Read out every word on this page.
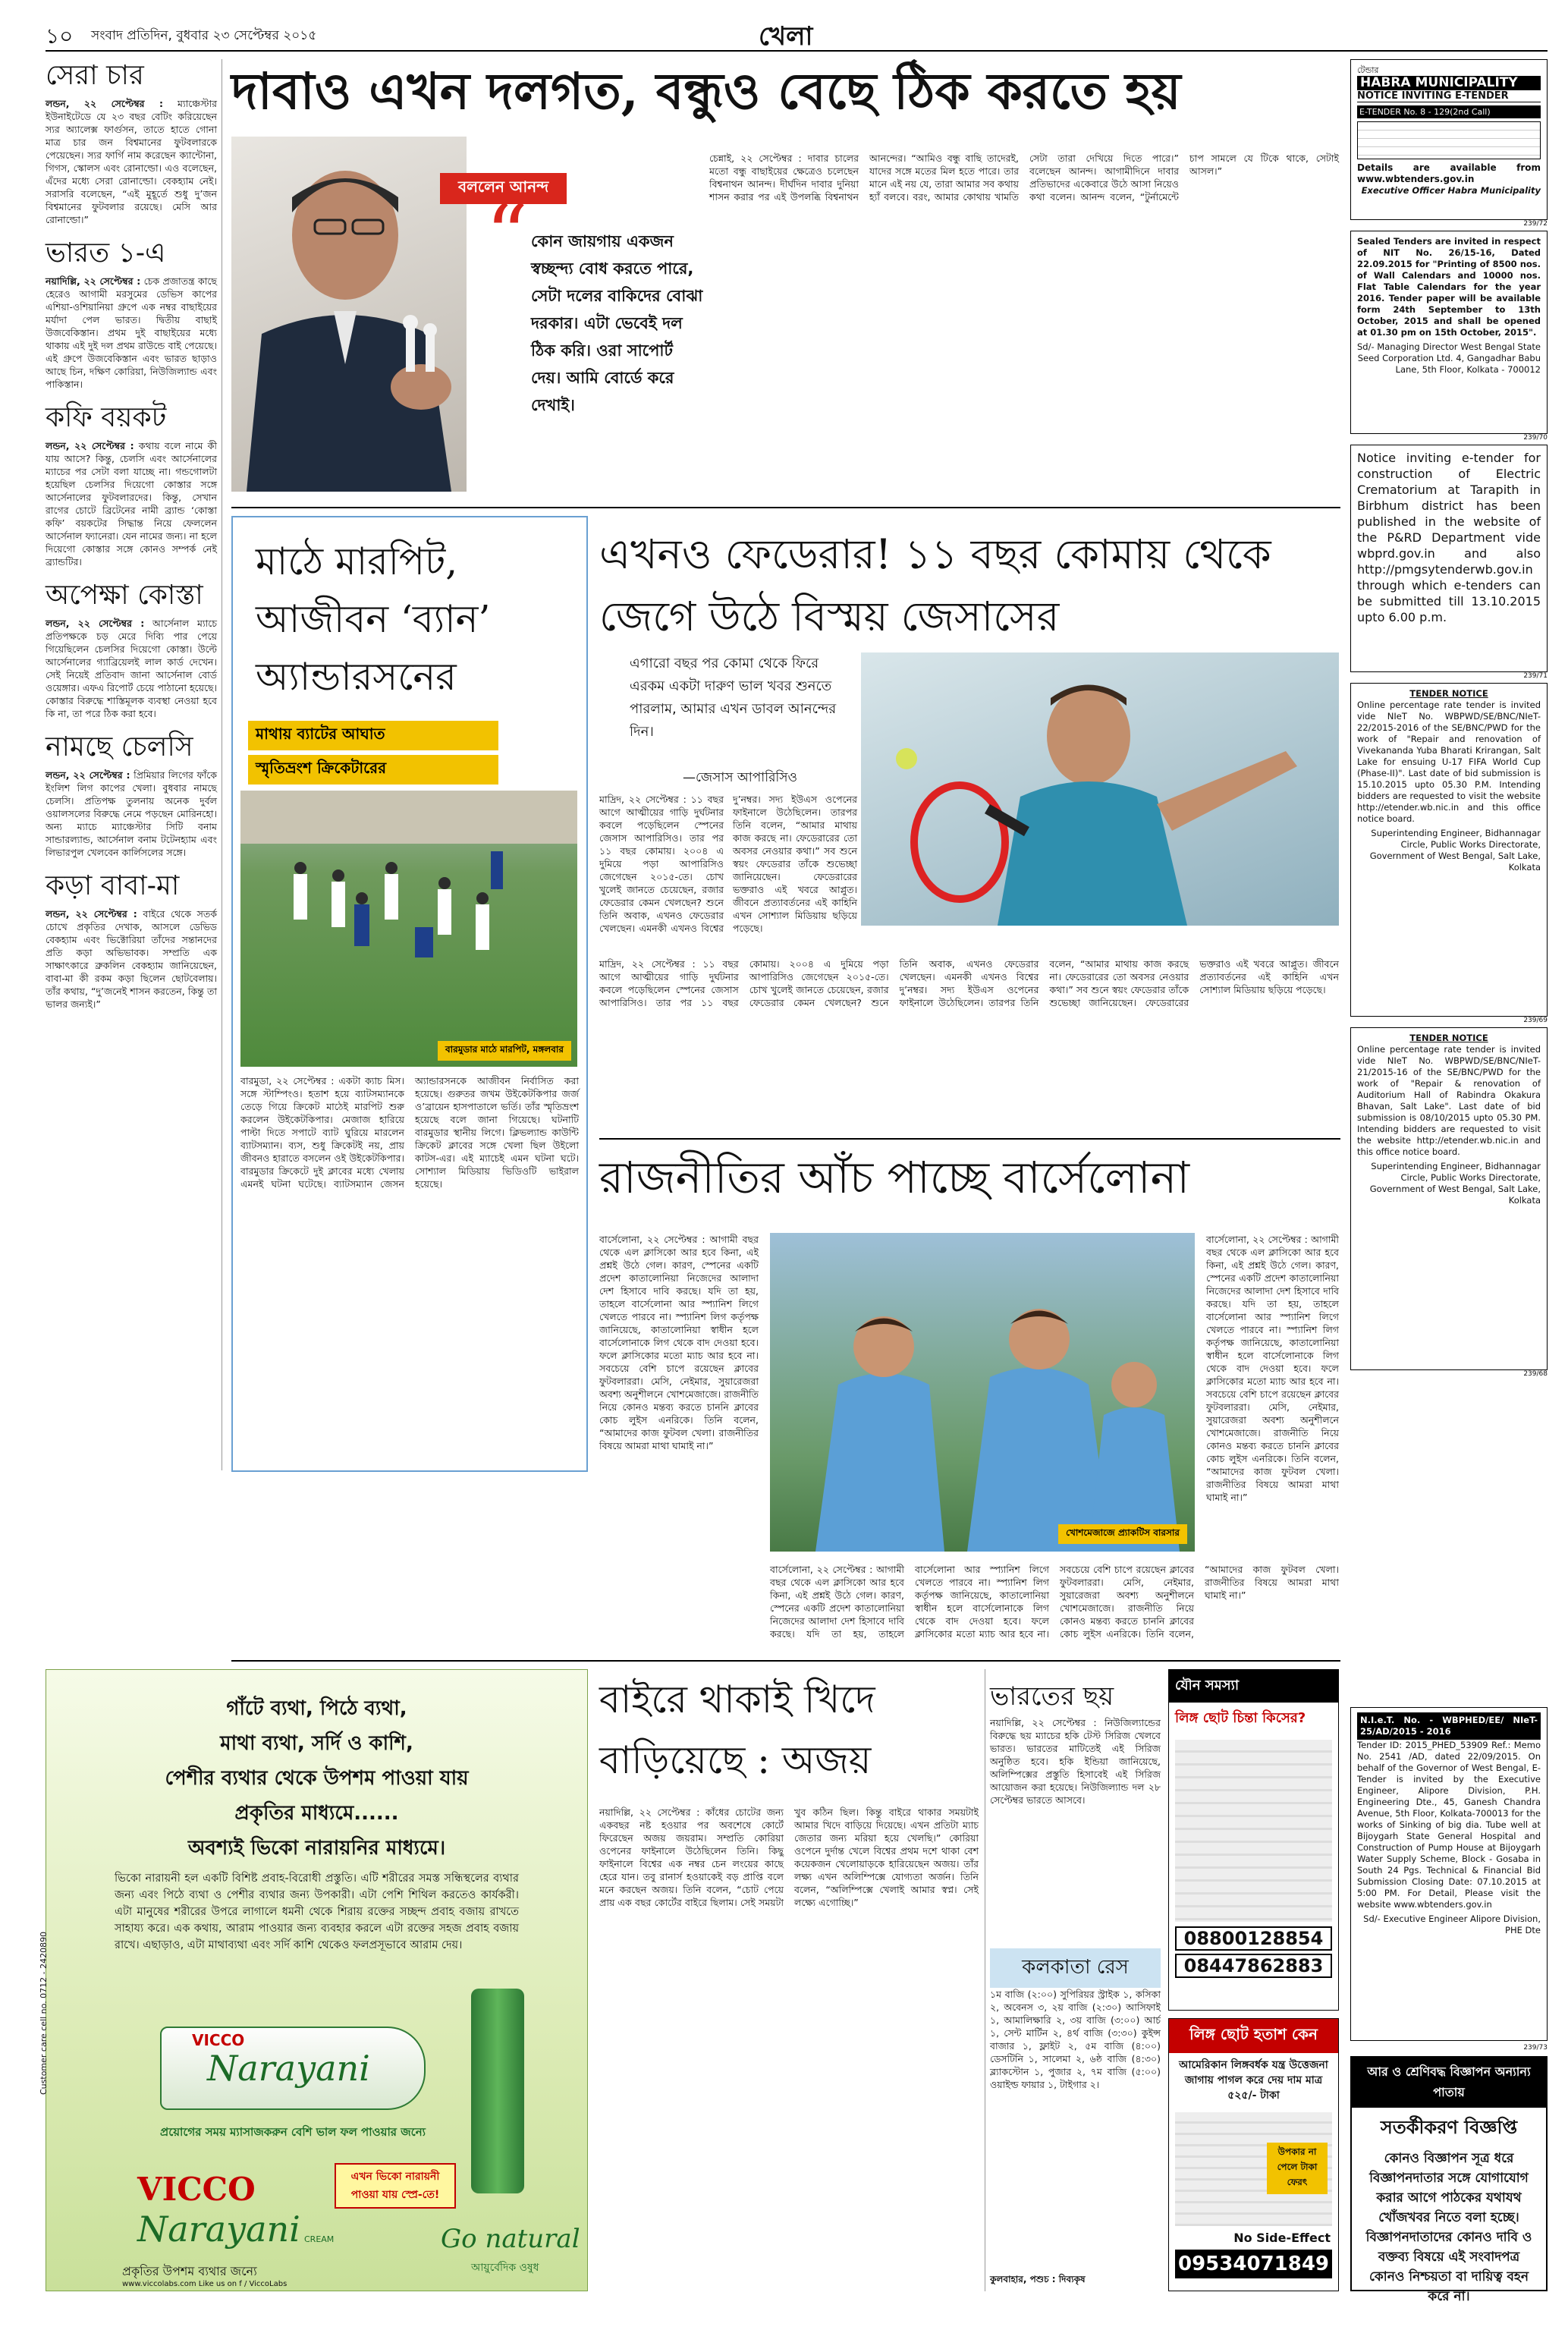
১০ সংবাদ প্রতিদিন, বুধবার ২৩ সেপ্টেম্বর ২০১৫	খেলা
সেরা চার
লন্ডন, ২২ সেপ্টেম্বর : ম্যাঞ্চেস্টার ইউনাইটেডে যে ২৩ বছর বেটিং করিয়েছেন স্যর অ্যালেক্স ফার্গুসন, তাতে হাতে গোনা মাত্র চার জন বিশ্বমানের ফুটবলারকে পেয়েছেন। স্যর ফার্গি নাম করেছেন ক্যান্টোনা, গিগস, স্কোলস এবং রোনাল্ডো। এও বলেছেন, এঁদের মধ্যে সেরা রোনাল্ডো। বেকহ্যাম নেই। সরাসরি বলেছেন, “এই মুহূর্তে শুধু দু’জন বিশ্বমানের ফুটবলার রয়েছে। মেসি আর রোনাল্ডো।”
ভারত ১-এ
নয়াদিল্লি, ২২ সেপ্টেম্বর : চেক প্রজাতন্ত্র কাছে হেরেও আগামী মরসুমের ডেভিস কাপের এশিয়া-ওশিয়ানিয়া গ্রুপে এক নম্বর বাছাইয়ের মর্যাদা পেল ভারত। দ্বিতীয় বাছাই উজবেকিস্তান। প্রথম দুই বাছাইয়ের মধ্যে থাকায় এই দুই দল প্রথম রাউন্ডে বাই পেয়েছে। এই গ্রুপে উজবেকিস্তান এবং ভারত ছাড়াও আছে চিন, দক্ষিণ কোরিয়া, নিউজিল্যান্ড এবং পাকিস্তান।
কফি বয়কট
লন্ডন, ২২ সেপ্টেম্বর : কথায় বলে নামে কী যায় আসে? কিন্তু, চেলসি এবং আর্সেনালের ম্যাচের পর সেটা বলা যাচ্ছে না। গন্ডগোলটা হয়েছিল চেলসির দিয়েগো কোস্তার সঙ্গে আর্সেনালের ফুটবলারদের। কিন্তু, সেখান রাগের চোটে ব্রিটেনের নামী ব্র্যান্ড ‘কোস্তা কফি’ বয়কটের সিদ্ধান্ত নিয়ে ফেললেন আর্সেনাল ফ্যানেরা। যেন নামের জন্য। না হলে দিয়েগো কোস্তার সঙ্গে কোনও সম্পর্ক নেই ব্র্যান্ডটির।
অপেক্ষা কোস্তা
লন্ডন, ২২ সেপ্টেম্বর : আর্সেনাল ম্যাচে প্রতিপক্ষকে চড় মেরে দিব্যি পার পেয়ে গিয়েছিলেন চেলসির দিয়েগো কোস্তা। উল্টে আর্সেনালের গ্যাব্রিয়েলই লাল কার্ড দেখেন। সেই নিয়েই প্রতিবাদ জানা আর্সেনাল বোর্ড ওয়েঙ্গার। এফএ রিপোর্ট চেয়ে পাঠানো হয়েছে। কোস্তার বিরুদ্ধে শাস্তিমূলক ব্যবস্থা নেওয়া হবে কি না, তা পরে ঠিক করা হবে।
নামছে চেলসি
লন্ডন, ২২ সেপ্টেম্বর : প্রিমিয়ার লিগের ফাঁকে ইংলিশ লিগ কাপের খেলা। বুধবার নামছে চেলসি। প্রতিপক্ষ তুলনায় অনেক দুর্বল ওয়ালসলের বিরুদ্ধে নেমে পড়ছেন মোরিনহো। অন্য ম্যাচে ম্যাঞ্চেস্টার সিটি বনাম সান্ডারল্যান্ড, আর্সেনাল বনাম টটেনহ্যাম এবং লিভারপুল খেলবেন কার্লিসলের সঙ্গে।
কড়া বাবা-মা
লন্ডন, ২২ সেপ্টেম্বর : বাইরে থেকে সতর্ক চোখে প্রকৃতির দেখাক, আসলে ডেভিড বেকহ্যাম এবং ভিক্টোরিয়া তাঁদের সন্তানদের প্রতি কড়া অভিভাবক। সম্প্রতি এক সাক্ষাৎকারে ব্রুকলিন বেকহ্যাম জানিয়েছেন, বাবা-মা কী রকম কড়া ছিলেন ছোটবেলায়। তাঁর কথায়, “দু’জনেই শাসন করতেন, কিন্তু তা ভালর জন্যই।”
দাবাও এখন দলগত, বন্ধুও বেছে ঠিক করতে হয়
বললেন আনন্দ
“ কোন জায়গায় একজন স্বচ্ছন্দ্য বোধ করতে পারে, সেটা দলের বাকিদের বোঝা দরকার। এটা ভেবেই দল ঠিক করি। ওরা সাপোর্ট দেয়। আমি বোর্ডে করে দেখাই।
চেন্নাই, ২২ সেপ্টেম্বর : দাবার চালের মতো বন্ধু বাছাইয়ের ক্ষেত্রেও চলেছেন বিশ্বনাথন আনন্দ। দীর্ঘদিন দাবার দুনিয়া শাসন করার পর এই উপলব্ধি বিশ্বনাথন আনন্দের। “আমিও বন্ধু বাছি তাদেরই, যাদের সঙ্গে মতের মিল হতে পারে। তার মানে এই নয় যে, তারা আমার সব কথায় হ্যাঁ বলবে। বরং, আমার কোথায় খামতি সেটা তারা দেখিয়ে দিতে পারে।” বলেছেন আনন্দ। আগামীদিনে দাবার প্রতিভাদের একেবারে উঠে আসা নিয়েও কথা বলেন। আনন্দ বলেন, “টুর্নামেন্টে চাপ সামলে যে টিকে থাকে, সেটাই আসল।”
মাঠে মারপিট, আজীবন ‘ব্যান’ অ্যান্ডারসনের
মাথায় ব্যাটের আঘাত
স্মৃতিভ্রংশ ক্রিকেটারের
বারমুডার মাঠে মারপিট, মঙ্গলবার
বারমুডা, ২২ সেপ্টেম্বর : একটা ক্যাচ মিস। সঙ্গে স্টাম্পিংও। হতাশ হয়ে ব্যাটসম্যানকে তেড়ে গিয়ে ক্রিকেট মাঠেই মারপিট শুরু করলেন উইকেটকিপার। মেজাজ হারিয়ে পাল্টা দিতে সপাটে ব্যাট ঘুরিয়ে মারলেন ব্যাটসম্যান। ব্যস, শুধু ক্রিকেটই নয়, প্রায় জীবনও হারাতে বসলেন ওই উইকেটকিপার। বারমুডার ক্রিকেটে দুই ক্লাবের মধ্যে খেলায় এমনই ঘটনা ঘটেছে। ব্যাটসম্যান জেসন অ্যান্ডারসনকে আজীবন নির্বাসিত করা হয়েছে। গুরুতর জখম উইকেটকিপার জর্জ ও’ব্রায়েন হাসপাতালে ভর্তি। তাঁর স্মৃতিভ্রংশ হয়েছে বলে জানা গিয়েছে। ঘটনাটি বারমুডার স্থানীয় লিগে। ক্লিভল্যান্ড কাউন্টি ক্রিকেট ক্লাবের সঙ্গে খেলা ছিল উইলো কাটস-এর। এই ম্যাচেই এমন ঘটনা ঘটে। সোশ্যাল মিডিয়ায় ভিডিওটি ভাইরাল হয়েছে।
এখনও ফেডেরার! ১১ বছর কোমায় থেকে জেগে উঠে বিস্ময় জেসাসের
এগারো বছর পর কোমা থেকে ফিরে এরকম একটা দারুণ ভাল খবর শুনতে পারলাম, আমার এখন ডাবল আনন্দের দিন।
—জেসাস আপারিসিও
মাদ্রিদ, ২২ সেপ্টেম্বর : ১১ বছর আগে আত্মীয়ের গাড়ি দুর্ঘটনার কবলে পড়েছিলেন স্পেনের জেসাস আপারিসিও। তার পর ১১ বছর কোমায়। ২০০৪ এ দুমিয়ে পড়া আপারিসিও জেগেছেন ২০১৫-তে। চোখ খুলেই জানতে চেয়েছেন, রজার ফেডেরার কেমন খেলছেন? শুনে তিনি অবাক, এখনও ফেডেরার খেলছেন। এমনকী এখনও বিশ্বের দু’নম্বর। সদ্য ইউএস ওপেনের ফাইনালে উঠেছিলেন। তারপর তিনি বলেন, “আমার মাথায় কাজ করছে না। ফেডেরারের তো অবসর নেওয়ার কথা।” সব শুনে স্বয়ং ফেডেরার তাঁকে শুভেচ্ছা জানিয়েছেন। ফেডেরারের ভক্তরাও এই খবরে আপ্লুত। জীবনে প্রত্যাবর্তনের এই কাহিনি এখন সোশ্যাল মিডিয়ায় ছড়িয়ে পড়েছে।
মাদ্রিদ, ২২ সেপ্টেম্বর : ১১ বছর আগে আত্মীয়ের গাড়ি দুর্ঘটনার কবলে পড়েছিলেন স্পেনের জেসাস আপারিসিও। তার পর ১১ বছর কোমায়। ২০০৪ এ দুমিয়ে পড়া আপারিসিও জেগেছেন ২০১৫-তে। চোখ খুলেই জানতে চেয়েছেন, রজার ফেডেরার কেমন খেলছেন? শুনে তিনি অবাক, এখনও ফেডেরার খেলছেন। এমনকী এখনও বিশ্বের দু’নম্বর। সদ্য ইউএস ওপেনের ফাইনালে উঠেছিলেন। তারপর তিনি বলেন, “আমার মাথায় কাজ করছে না। ফেডেরারের তো অবসর নেওয়ার কথা।” সব শুনে স্বয়ং ফেডেরার তাঁকে শুভেচ্ছা জানিয়েছেন। ফেডেরারের ভক্তরাও এই খবরে আপ্লুত। জীবনে প্রত্যাবর্তনের এই কাহিনি এখন সোশ্যাল মিডিয়ায় ছড়িয়ে পড়েছে।
রাজনীতির আঁচ পাচ্ছে বার্সেলোনা
বার্সেলোনা, ২২ সেপ্টেম্বর : আগামী বছর থেকে এল ক্লাসিকো আর হবে কিনা, এই প্রশ্নই উঠে গেল। কারণ, স্পেনের একটি প্রদেশ কাতালোনিয়া নিজেদের আলাদা দেশ হিসাবে দাবি করছে। যদি তা হয়, তাহলে বার্সেলোনা আর স্প্যানিশ লিগে খেলতে পারবে না। স্প্যানিশ লিগ কর্তৃপক্ষ জানিয়েছে, কাতালোনিয়া স্বাধীন হলে বার্সেলোনাকে লিগ থেকে বাদ দেওয়া হবে। ফলে ক্লাসিকোর মতো ম্যাচ আর হবে না। সবচেয়ে বেশি চাপে রয়েছেন ক্লাবের ফুটবলাররা। মেসি, নেইমার, সুয়ারেজরা অবশ্য অনুশীলনে খোশমেজাজে। রাজনীতি নিয়ে কোনও মন্তব্য করতে চাননি ক্লাবের কোচ লুইস এনরিকে। তিনি বলেন, “আমাদের কাজ ফুটবল খেলা। রাজনীতির বিষয়ে আমরা মাথা ঘামাই না।”
খোশমেজাজে প্র্যাকটিস বারসার
বার্সেলোনা, ২২ সেপ্টেম্বর : আগামী বছর থেকে এল ক্লাসিকো আর হবে কিনা, এই প্রশ্নই উঠে গেল। কারণ, স্পেনের একটি প্রদেশ কাতালোনিয়া নিজেদের আলাদা দেশ হিসাবে দাবি করছে। যদি তা হয়, তাহলে বার্সেলোনা আর স্প্যানিশ লিগে খেলতে পারবে না। স্প্যানিশ লিগ কর্তৃপক্ষ জানিয়েছে, কাতালোনিয়া স্বাধীন হলে বার্সেলোনাকে লিগ থেকে বাদ দেওয়া হবে। ফলে ক্লাসিকোর মতো ম্যাচ আর হবে না। সবচেয়ে বেশি চাপে রয়েছেন ক্লাবের ফুটবলাররা। মেসি, নেইমার, সুয়ারেজরা অবশ্য অনুশীলনে খোশমেজাজে। রাজনীতি নিয়ে কোনও মন্তব্য করতে চাননি ক্লাবের কোচ লুইস এনরিকে। তিনি বলেন, “আমাদের কাজ ফুটবল খেলা। রাজনীতির বিষয়ে আমরা মাথা ঘামাই না।”
বার্সেলোনা, ২২ সেপ্টেম্বর : আগামী বছর থেকে এল ক্লাসিকো আর হবে কিনা, এই প্রশ্নই উঠে গেল। কারণ, স্পেনের একটি প্রদেশ কাতালোনিয়া নিজেদের আলাদা দেশ হিসাবে দাবি করছে। যদি তা হয়, তাহলে বার্সেলোনা আর স্প্যানিশ লিগে খেলতে পারবে না। স্প্যানিশ লিগ কর্তৃপক্ষ জানিয়েছে, কাতালোনিয়া স্বাধীন হলে বার্সেলোনাকে লিগ থেকে বাদ দেওয়া হবে। ফলে ক্লাসিকোর মতো ম্যাচ আর হবে না। সবচেয়ে বেশি চাপে রয়েছেন ক্লাবের ফুটবলাররা। মেসি, নেইমার, সুয়ারেজরা অবশ্য অনুশীলনে খোশমেজাজে। রাজনীতি নিয়ে কোনও মন্তব্য করতে চাননি ক্লাবের কোচ লুইস এনরিকে। তিনি বলেন, “আমাদের কাজ ফুটবল খেলা। রাজনীতির বিষয়ে আমরা মাথা ঘামাই না।”
গাঁটে ব্যথা, পিঠে ব্যথা,
মাথা ব্যথা, সর্দি ও কাশি,
পেশীর ব্যথার থেকে উপশম পাওয়া যায়
প্রকৃতির মাধ্যমে......
অবশ্যই ভিকো নারায়নির মাধ্যমে।
ভিকো নারায়নী হল একটি বিশিষ্ট প্রবাহ-বিরোধী প্রস্তুতি। এটি শরীরের সমস্ত সন্ধিস্থলের ব্যথার জন্য এবং পিঠে ব্যথা ও পেশীর ব্যথার জন্য উপকারী। এটা পেশি শিথিল করতেও কার্যকরী। এটা মানুষের শরীরের উপরে লাগালে ধমনী থেকে শিরায় রক্তের সচ্ছন্দ প্রবাহ বজায় রাখতে সাহায্য করে। এক কথায়, আরাম পাওয়ার জন্য ব্যবহার করলে এটা রক্তের সহজ প্রবাহ বজায় রাখে। এছাড়াও, এটা মাথাব্যথা এবং সর্দি কাশি থেকেও ফলপ্রসূভাবে আরাম দেয়।
VICCO
Narayani
প্রয়োগের সময় ম্যাসাজকরুন বেশি ভাল ফল পাওয়ার জন্যে
এখন ভিকো নারায়নী পাওয়া যায় স্প্রে-তে!
VICCO
Narayani CREAM
প্রকৃতির উপশম ব্যথার জন্যে
Go natural
আয়ুর্বেদিক ওষুধ
Customer care cell no. 0712 - 2420890
www.viccolabs.com Like us on f / ViccoLabs
বাইরে থাকাই খিদে বাড়িয়েছে : অজয়
নয়াদিল্লি, ২২ সেপ্টেম্বর : কাঁধের চোটের জন্য একবছর নষ্ট হওয়ার পর অবশেষে কোর্টে ফিরেছেন অজয় জয়রাম। সম্প্রতি কোরিয়া ওপেনের ফাইনালে উঠেছিলেন তিনি। কিছু ফাইনালে বিশ্বের এক নম্বর চেন লংয়ের কাছে হেরে যান। তবু রানার্স হওয়াকেই বড় প্রাপ্তি বলে মনে করছেন অজয়। তিনি বলেন, “চোট পেয়ে প্রায় এক বছর কোর্টের বাইরে ছিলাম। সেই সময়টা খুব কঠিন ছিল। কিন্তু বাইরে থাকার সময়টাই আমার খিদে বাড়িয়ে দিয়েছে। এখন প্রতিটা ম্যাচ জেতার জন্য মরিয়া হয়ে খেলছি।” কোরিয়া ওপেনে দুর্দান্ত খেলে বিশ্বের প্রথম দশে থাকা বেশ কয়েকজন খেলোয়াড়কে হারিয়েছেন অজয়। তাঁর লক্ষ্য এখন অলিম্পিক্সে যোগ্যতা অর্জন। তিনি বলেন, “অলিম্পিক্সে খেলাই আমার স্বপ্ন। সেই লক্ষ্যে এগোচ্ছি।”
ভারতের ছয়
নয়াদিল্লি, ২২ সেপ্টেম্বর : নিউজিল্যান্ডের বিরুদ্ধে ছয় ম্যাচের হকি টেস্ট সিরিজ খেলবে ভারত। ভারতের মাটিতেই এই সিরিজ অনুষ্ঠিত হবে। হকি ইন্ডিয়া জানিয়েছে, অলিম্পিক্সের প্রস্তুতি হিসাবেই এই সিরিজ আয়োজন করা হয়েছে। নিউজিল্যান্ড দল ২৮ সেপ্টেম্বর ভারতে আসবে।
কলকাতা রেস
১ম বাজি (২:০০) সুপিরিয়র স্ট্রাইক ১, কসিকা ২, অবেনস ৩, ২য় বাজি (২:৩০) আসিফাই ১, আমালিক্ষারি ২, ৩য় বাজি (৩:০০) আর্চ ১, সেন্ট মার্টিন ২, ৪র্থ বাজি (৩:৩০) কুইন্স বাজার ১, ফ্লাইট ২, ৫ম বাজি (৪:০০) ডেসটিনি ১, সালেমা ২, ৬ষ্ঠ বাজি (৪:৩০) ব্ল্যাকস্টোন ১, পুজার ২, ৭ম বাজি (৫:০০) ওয়াইল্ড ফায়ার ১, টাইগার ২।
কুলবাহার, পশুচ : দিব্যকৃষ
যৌন সমস্যা
লিঙ্গ ছোট চিন্তা কিসের?
08800128854
08447862883
লিঙ্গ ছোট হতাশ কেন
আমেরিকান লিঙ্গবর্ধক যন্ত্র উত্তেজনা জাগায় পাগল করে দেয় দাম মাত্র ৫২৫/- টাকা
উপকার না পেলে টাকা ফেরৎ
No Side-Effect
09534071849
টেন্ডার
HABRA MUNICIPALITY
NOTICE INVITING E-TENDER
E-TENDER No. 8 - 129(2nd Call)
Details are available from www.wbtenders.gov.in
Executive Officer Habra Municipality
239/72
Sealed Tenders are invited in respect of NIT No. 26/15-16, Dated 22.09.2015 for "Printing of 8500 nos. of Wall Calendars and 10000 nos. Flat Table Calendars for the year 2016. Tender paper will be available form 24th September to 13th October, 2015 and shall be opened at 01.30 pm on 15th October, 2015".
Sd/- Managing Director West Bengal State Seed Corporation Ltd. 4, Gangadhar Babu Lane, 5th Floor, Kolkata - 700012
239/70
Notice inviting e-tender for construction of Electric Crematorium at Tarapith in Birbhum district has been published in the website of the P&RD Department vide wbprd.gov.in and also http://pmgsytenderwb.gov.in through which e-tenders can be submitted till 13.10.2015 upto 6.00 p.m.
239/71
TENDER NOTICE
Online percentage rate tender is invited vide NIeT No. WBPWD/SE/BNC/NIeT-22/2015-2016 of the SE/BNC/PWD for the work of "Repair and renovation of Vivekananda Yuba Bharati Krirangan, Salt Lake for ensuing U-17 FIFA World Cup (Phase-II)". Last date of bid submission is 15.10.2015 upto 05.30 P.M. Intending bidders are requested to visit the website http://etender.wb.nic.in and this office notice board.
Superintending Engineer, Bidhannagar Circle, Public Works Directorate, Government of West Bengal, Salt Lake, Kolkata
239/69
TENDER NOTICE
Online percentage rate tender is invited vide NIeT No. WBPWD/SE/BNC/NIeT-21/2015-16 of the SE/BNC/PWD for the work of "Repair & renovation of Auditorium Hall of Rabindra Okakura Bhavan, Salt Lake". Last date of bid submission is 08/10/2015 upto 05.30 PM. Intending bidders are requested to visit the website http://etender.wb.nic.in and this office notice board.
Superintending Engineer, Bidhannagar Circle, Public Works Directorate, Government of West Bengal, Salt Lake, Kolkata
239/68
N.I.e.T. No. - WBPHED/EE/ NIeT-25/AD/2015 - 2016
Tender ID: 2015_PHED_53909 Ref.: Memo No. 2541 /AD, dated 22/09/2015. On behalf of the Governor of West Bengal, E-Tender is invited by the Executive Engineer, Alipore Division, P.H. Engineering Dte., 45, Ganesh Chandra Avenue, 5th Floor, Kolkata-700013 for the works of Sinking of big dia. Tube well at Bijoygarh State General Hospital and Construction of Pump House at Bijoygarh Water Supply Scheme, Block - Gosaba in South 24 Pgs. Technical & Financial Bid Submission Closing Date: 07.10.2015 at 5:00 PM. For Detail, Please visit the website www.wbtenders.gov.in
Sd/- Executive Engineer Alipore Division, PHE Dte
239/73
আর ও শ্রেণিবদ্ধ বিজ্ঞাপন অন্যান্য পাতায়
সতর্কীকরণ বিজ্ঞপ্তি
কোনও বিজ্ঞাপন সূত্র ধরে বিজ্ঞাপনদাতার সঙ্গে যোগাযোগ করার আগে পাঠকের যথাযথ খোঁজখবর নিতে বলা হচ্ছে। বিজ্ঞাপনদাতাদের কোনও দাবি ও বক্তব্য বিষয়ে এই সংবাদপত্র কোনও নিশ্চয়তা বা দায়িত্ব বহন করে না।
